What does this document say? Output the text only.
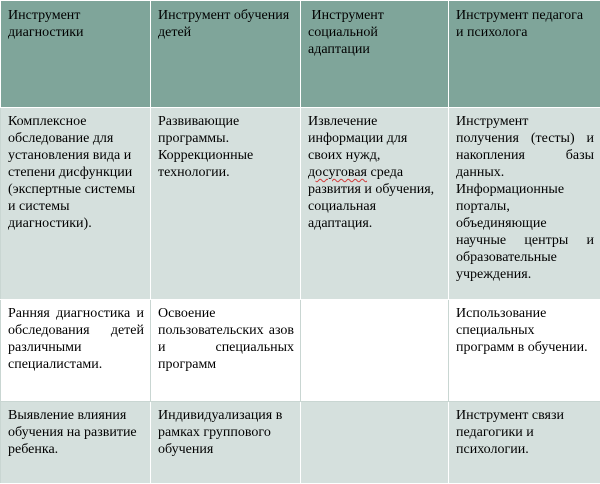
Инструмент диагностики	Инструмент обучения детей	Инструмент социальной адаптации	Инструмент педагога и психолога
Комплексное обследование для установления вида и степени дисфункции (экспертные системы и системы диагностики).	Развивающие программы. Коррекционные технологии.	Извлечение информации для своих нужд, досуговая среда развития и обучения, социальная адаптация.	Инструмент получения (тесты) и накопления базы данных. Информационные порталы, объединяющие научные центры и образовательные учреждения.
Ранняя диагностика и обследования детей различными специалистами.	Освоение пользовательских азов и специальных программ		Использование специальных программ в обучении.
Выявление влияния обучения на развитие ребенка.	Индивидуализация в рамках группового обучения		Инструмент связи педагогики и психологии.
